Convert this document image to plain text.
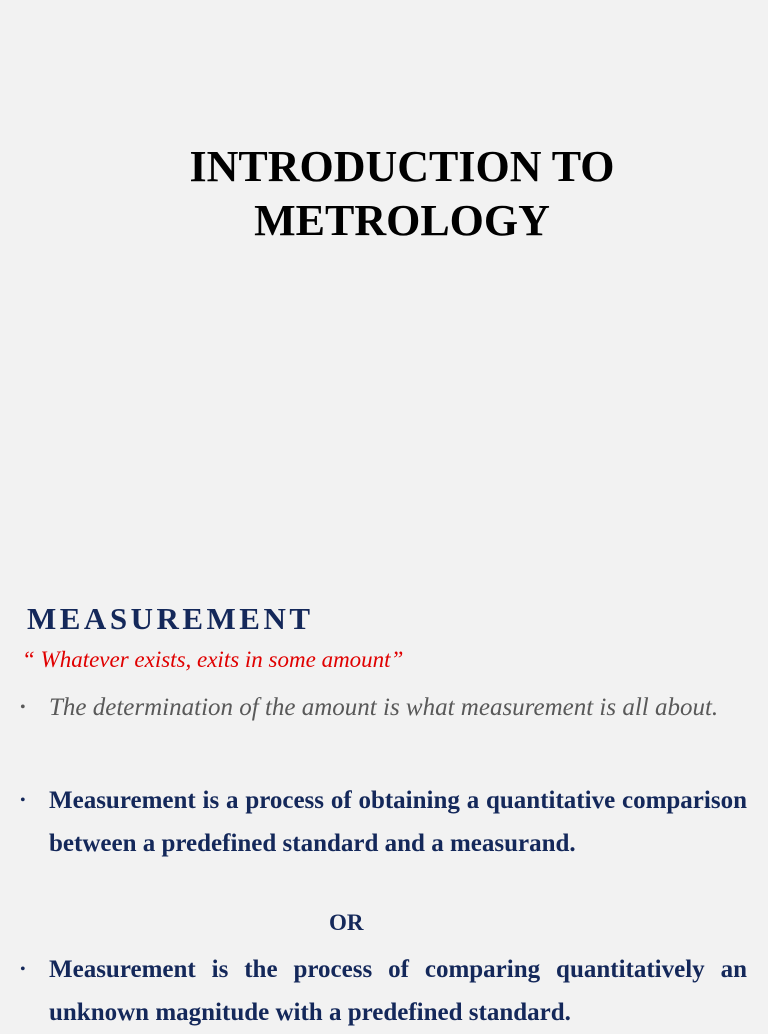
INTRODUCTION TO
METROLOGY
MEASUREMENT
“ Whatever exists, exits in some amount”
• The determination of the amount is what measurement is all about.
• Measurement is a process of obtaining a quantitative comparison between a predefined standard and a measurand.
OR
• Measurement is the process of comparing quantitatively an unknown magnitude with a predefined standard.
